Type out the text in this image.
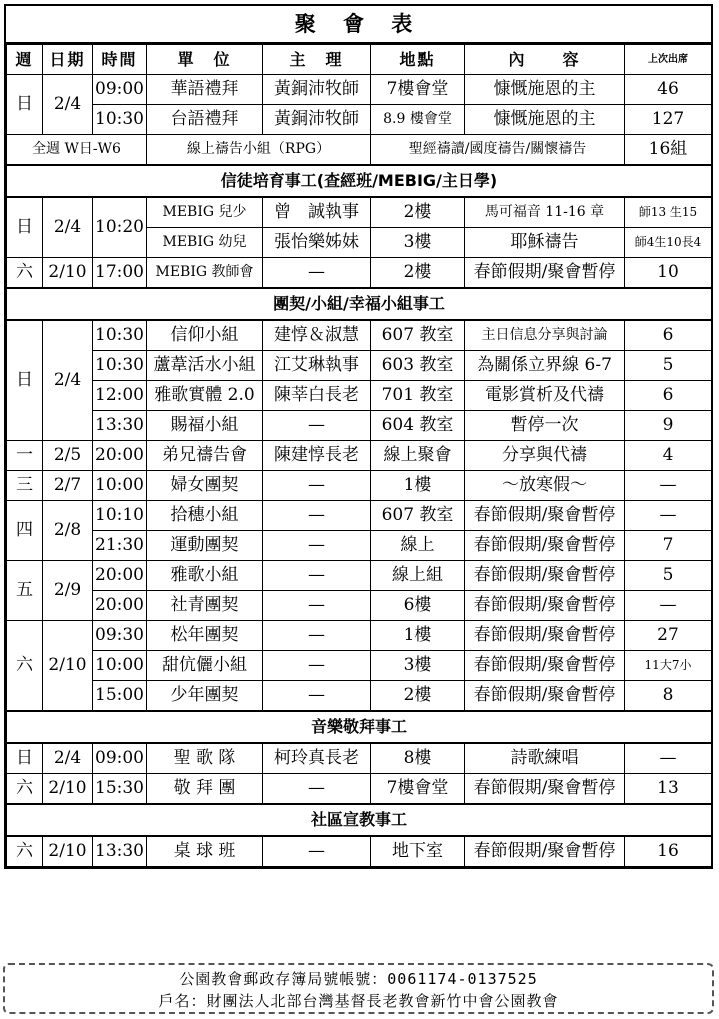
聚 會 表
週	日期	時間	單　位	主　理	地點	內　　容	上次出席
日	2/4	09:00	華語禮拜	黃銅沛牧師	7樓會堂	慷慨施恩的主	46
		10:30	台語禮拜	黃銅沛牧師	8.9 樓會堂	慷慨施恩的主	127
全週 W日-W6			線上禱告小組（RPG）		聖經禱讀/國度禱告/關懷禱告		16組
信徒培育事工(查經班/MEBIG/主日學)							
日	2/4	10:20	MEBIG 兒少	曾　誠執事	2樓	馬可福音 11-16 章	師13 生15
			MEBIG 幼兒	張怡樂姊妹	3樓	耶穌禱告	師4生10長4
六	2/10	17:00	MEBIG 教師會	—	2樓	春節假期/聚會暫停	10
團契/小組/幸福小組事工							
日	2/4	10:30	信仰小組	建惇＆淑慧	607 教室	主日信息分享與討論	6
		10:30	蘆葦活水小組	江艾琳執事	603 教室	為關係立界線 6-7	5
		12:00	雅歌實體 2.0	陳莘白長老	701 教室	電影賞析及代禱	6
		13:30	賜福小組	—	604 教室	暫停一次	9
一	2/5	20:00	弟兄禱告會	陳建惇長老	線上聚會	分享與代禱	4
三	2/7	10:00	婦女團契	—	1樓	～放寒假～	—
四	2/8	10:10	拾穗小組	—	607 教室	春節假期/聚會暫停	—
		21:30	運動團契	—	線上	春節假期/聚會暫停	7
五	2/9	20:00	雅歌小組	—	線上組	春節假期/聚會暫停	5
		20:00	社青團契	—	6樓	春節假期/聚會暫停	—
六	2/10	09:30	松年團契	—	1樓	春節假期/聚會暫停	27
		10:00	甜伉儷小組	—	3樓	春節假期/聚會暫停	11大7小
		15:00	少年團契	—	2樓	春節假期/聚會暫停	8
音樂敬拜事工							
日	2/4	09:00	聖 歌 隊	柯玲真長老	8樓	詩歌練唱	—
六	2/10	15:30	敬 拜 團	—	7樓會堂	春節假期/聚會暫停	13
社區宣教事工							
六	2/10	13:30	桌 球 班	—	地下室	春節假期/聚會暫停	16
公園教會郵政存簿局號帳號：0061174-0137525
戶名：財團法人北部台灣基督長老教會新竹中會公園教會
